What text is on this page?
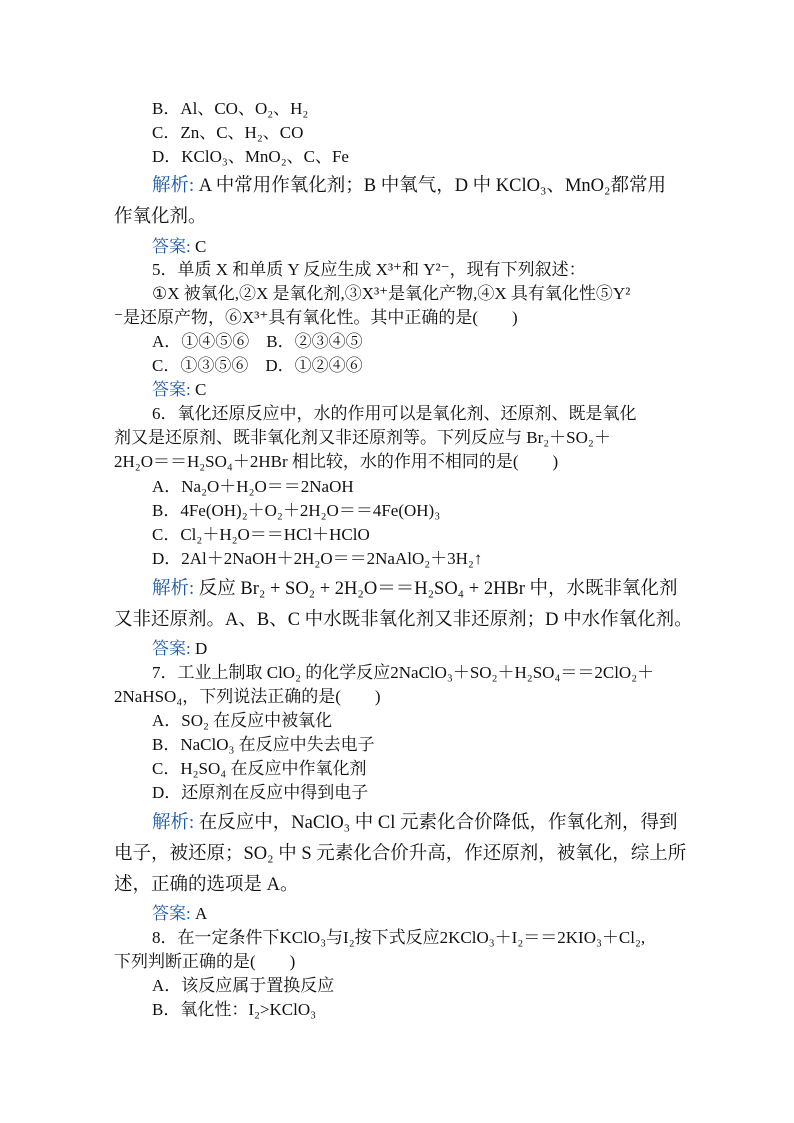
B．Al、CO、O₂、H₂
C．Zn、C、H₂、CO
D．KClO₃、MnO₂、C、Fe
解析: A 中常用作氧化剂；B 中氧气，D 中 KClO₃、MnO₂都常用
作氧化剂。
答案: C
5．单质 X 和单质 Y 反应生成 X³⁺和 Y²⁻，现有下列叙述：
①X 被氧化,②X 是氧化剂,③X³⁺是氧化产物,④X 具有氧化性⑤Y²
⁻是还原产物，⑥X³⁺具有氧化性。其中正确的是(　　)
A．①④⑤⑥　B．②③④⑤
C．①③⑤⑥　D．①②④⑥
答案: C
6．氧化还原反应中，水的作用可以是氧化剂、还原剂、既是氧化
剂又是还原剂、既非氧化剂又非还原剂等。下列反应与 Br₂＋SO₂＋
2H₂O＝＝H₂SO₄＋2HBr 相比较，水的作用不相同的是(　　)
A．Na₂O＋H₂O＝＝2NaOH
B．4Fe(OH)₂＋O₂＋2H₂O＝＝4Fe(OH)₃
C．Cl₂＋H₂O＝＝HCl＋HClO
D．2Al＋2NaOH＋2H₂O＝＝2NaAlO₂＋3H₂↑
解析: 反应 Br₂ + SO₂ + 2H₂O＝＝H₂SO₄ + 2HBr 中，水既非氧化剂
又非还原剂。A、B、C 中水既非氧化剂又非还原剂；D 中水作氧化剂。
答案: D
7．工业上制取 ClO₂ 的化学反应2NaClO₃＋SO₂＋H₂SO₄＝＝2ClO₂＋
2NaHSO₄，下列说法正确的是(　　)
A．SO₂ 在反应中被氧化
B．NaClO₃ 在反应中失去电子
C．H₂SO₄ 在反应中作氧化剂
D．还原剂在反应中得到电子
解析: 在反应中，NaClO₃ 中 Cl 元素化合价降低，作氧化剂，得到
电子，被还原；SO₂ 中 S 元素化合价升高，作还原剂，被氧化，综上所
述，正确的选项是 A。
答案: A
8．在一定条件下KClO₃与I₂按下式反应2KClO₃＋I₂＝＝2KIO₃＋Cl₂,
下列判断正确的是(　　)
A．该反应属于置换反应
B．氧化性：I₂>KClO₃
